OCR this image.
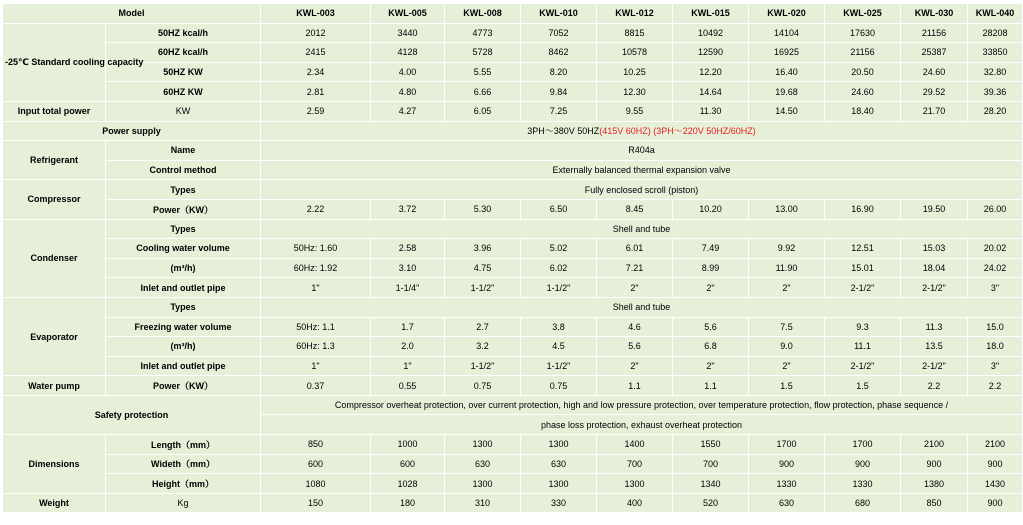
Model		KWL-003	KWL-005	KWL-008	KWL-010	KWL-012	KWL-015	KWL-020	KWL-025	KWL-030	KWL-040
-25℃ Standard cooling capacity	50HZ kcal/h	2012	3440	4773	7052	8815	10492	14104	17630	21156	28208
	60HZ kcal/h	2415	4128	5728	8462	10578	12590	16925	21156	25387	33850
	50HZ KW	2.34	4.00	5.55	8.20	10.25	12.20	16.40	20.50	24.60	32.80
	60HZ KW	2.81	4.80	6.66	9.84	12.30	14.64	19.68	24.60	29.52	39.36
Input total power	KW	2.59	4.27	6.05	7.25	9.55	11.30	14.50	18.40	21.70	28.20
Power supply		3PH～380V 50HZ(415V 60HZ) (3PH～220V 50HZ/60HZ)									
Refrigerant	Name	R404a									
	Control method	Externally balanced thermal expansion valve									
Compressor	Types	Fully enclosed scroll (piston)									
	Power（KW）	2.22	3.72	5.30	6.50	8.45	10.20	13.00	16.90	19.50	26.00
Condenser	Types	Shell and tube									
	Cooling water volume	50Hz: 1.60	2.58	3.96	5.02	6.01	7.49	9.92	12.51	15.03	20.02
	(m³/h)	60Hz: 1.92	3.10	4.75	6.02	7.21	8.99	11.90	15.01	18.04	24.02
	Inlet and outlet pipe	1"	1-1/4"	1-1/2"	1-1/2"	2"	2"	2"	2-1/2"	2-1/2"	3"
Evaporator	Types	Shell and tube									
	Freezing water volume	50Hz: 1.1	1.7	2.7	3.8	4.6	5.6	7.5	9.3	11.3	15.0
	(m³/h)	60Hz: 1.3	2.0	3.2	4.5	5.6	6.8	9.0	11.1	13.5	18.0
	Inlet and outlet pipe	1"	1"	1-1/2"	1-1/2"	2"	2"	2"	2-1/2"	2-1/2"	3"
Water pump	Power（KW）	0.37	0.55	0.75	0.75	1.1	1.1	1.5	1.5	2.2	2.2
Safety protection		Compressor overheat protection, over current protection, high and low pressure protection, over temperature protection, flow protection, phase sequence /									
		phase loss protection, exhaust overheat protection									
Dimensions	Length（mm）	850	1000	1300	1300	1400	1550	1700	1700	2100	2100
	Wideth（mm）	600	600	630	630	700	700	900	900	900	900
	Height（mm）	1080	1028	1300	1300	1300	1340	1330	1330	1380	1430
Weight	Kg	150	180	310	330	400	520	630	680	850	900
